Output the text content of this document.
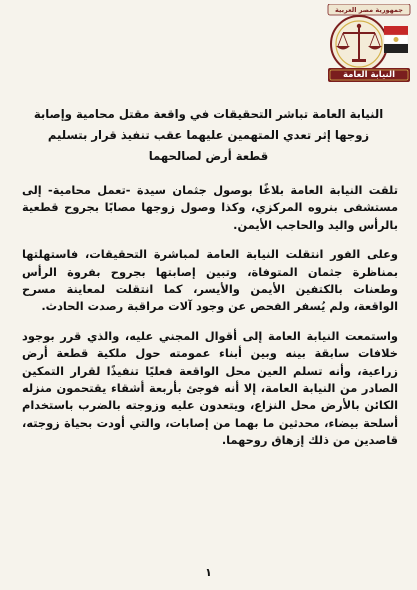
جمهورية مصر العربية
النيابة العامة

النيابة العامة تباشر التحقيقات في واقعة مقتل محامية وإصابة

زوجها إثر تعدي المتهمين عليهما عقب تنفيذ قرار بتسليم

قطعة أرض لصالحهما

تلقت النيابة العامة بلاغًا بوصول جثمان سيدة -تعمل محامية- إلى مستشفى بنروه المركزي، وكذا وصول زوجها مصابًا بجروح قطعية بالرأس واليد والحاجب الأيمن.

وعلى الفور انتقلت النيابة العامة لمباشرة التحقيقات، فاستهلتها بمناظرة جثمان المتوفاة، وتبين إصابتها بجروح بفروة الرأس وطعنات بالكتفين الأيمن والأيسر، كما انتقلت لمعاينة مسرح الواقعة، ولم يُسفر الفحص عن وجود آلات مراقبة رصدت الحادث.

واستمعت النيابة العامة إلى أقوال المجني عليه، والذي قرر بوجود خلافات سابقة بينه وبين أبناء عمومته حول ملكية قطعة أرض زراعية، وأنه تسلم العين محل الواقعة فعليًا تنفيذًا لقرار التمكين الصادر من النيابة العامة، إلا أنه فوجئ بأربعة أشقاء يقتحمون منزله الكائن بالأرض محل النزاع، ويتعدون عليه وزوجته بالضرب باستخدام أسلحة بيضاء، محدثين ما بهما من إصابات، والتي أودت بحياة زوجته، قاصدين من ذلك إزهاق روحهما.

١
